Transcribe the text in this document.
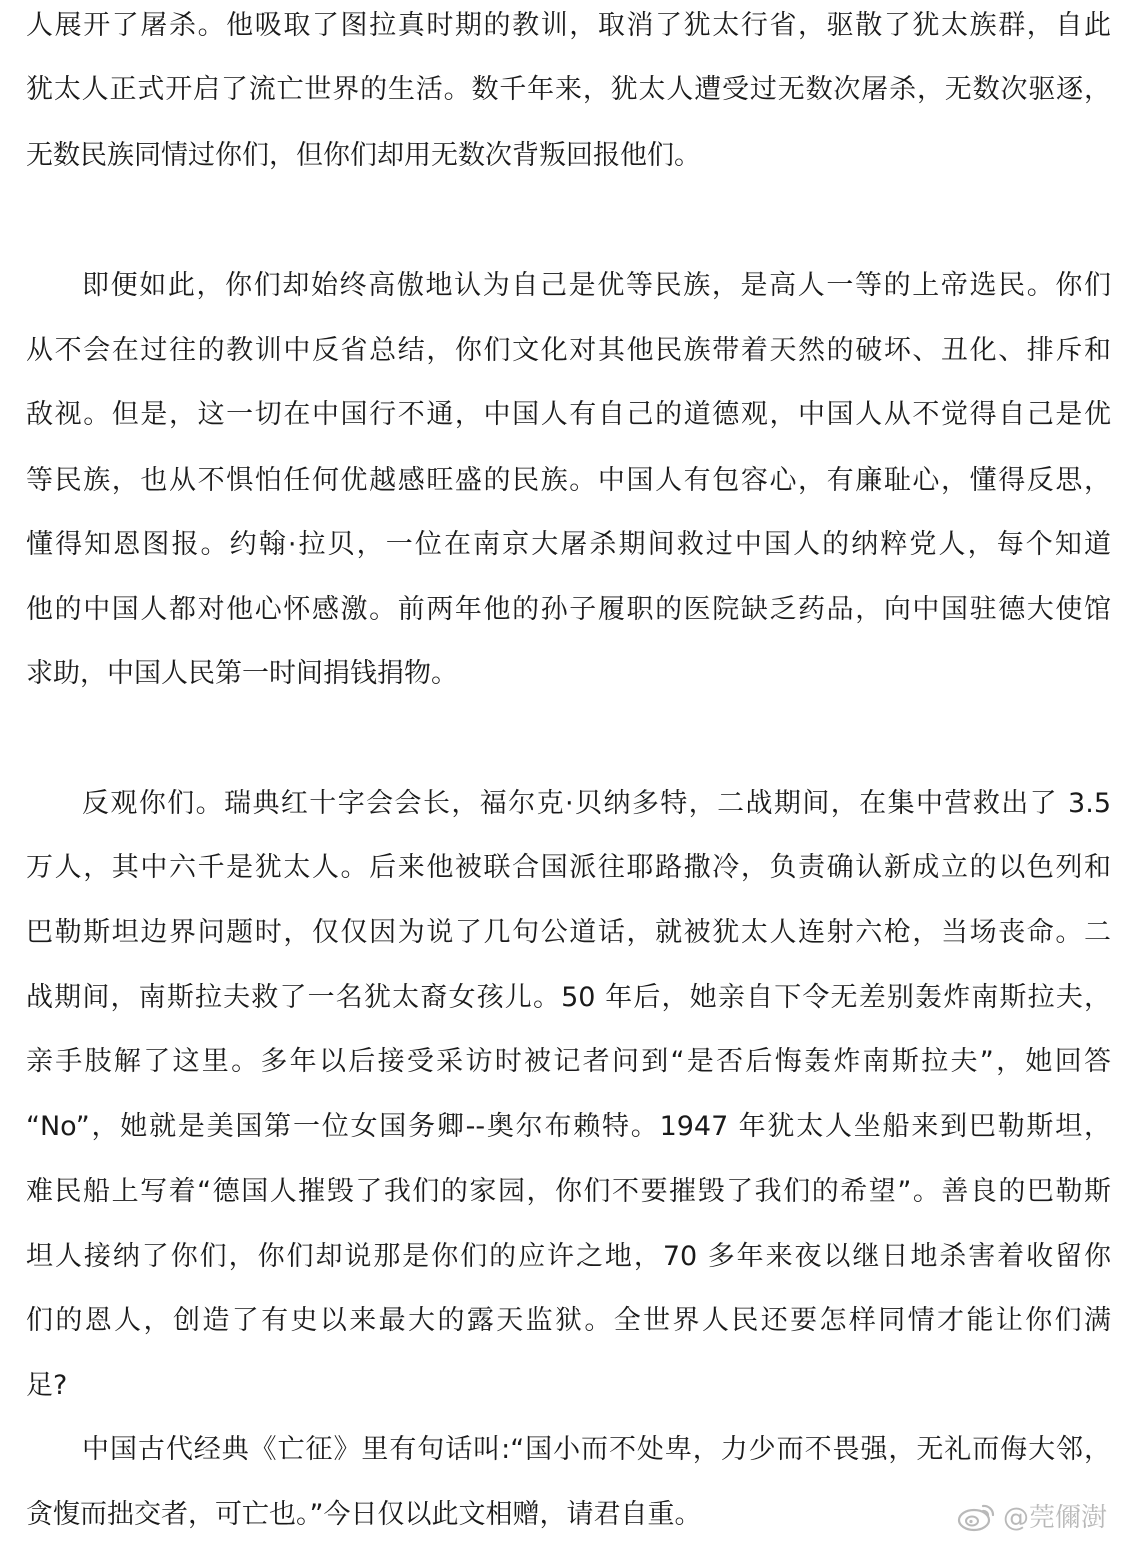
人展开了屠杀。他吸取了图拉真时期的教训，取消了犹太行省，驱散了犹太族群，自此
犹太人正式开启了流亡世界的生活。数千年来，犹太人遭受过无数次屠杀，无数次驱逐，
无数民族同情过你们，但你们却用无数次背叛回报他们。
即便如此，你们却始终高傲地认为自己是优等民族，是高人一等的上帝选民。你们
从不会在过往的教训中反省总结，你们文化对其他民族带着天然的破坏、丑化、排斥和
敌视。但是，这一切在中国行不通，中国人有自己的道德观，中国人从不觉得自己是优
等民族，也从不惧怕任何优越感旺盛的民族。中国人有包容心，有廉耻心，懂得反思，
懂得知恩图报。约翰·拉贝，一位在南京大屠杀期间救过中国人的纳粹党人，每个知道
他的中国人都对他心怀感激。前两年他的孙子履职的医院缺乏药品，向中国驻德大使馆
求助，中国人民第一时间捐钱捐物。
反观你们。瑞典红十字会会长，福尔克·贝纳多特，二战期间，在集中营救出了 3.5
万人，其中六千是犹太人。后来他被联合国派往耶路撒冷，负责确认新成立的以色列和
巴勒斯坦边界问题时，仅仅因为说了几句公道话，就被犹太人连射六枪，当场丧命。二
战期间，南斯拉夫救了一名犹太裔女孩儿。50 年后，她亲自下令无差别轰炸南斯拉夫，
亲手肢解了这里。多年以后接受采访时被记者问到“是否后悔轰炸南斯拉夫”，她回答
“No”，她就是美国第一位女国务卿--奥尔布赖特。1947 年犹太人坐船来到巴勒斯坦，
难民船上写着“德国人摧毁了我们的家园，你们不要摧毁了我们的希望”。善良的巴勒斯
坦人接纳了你们，你们却说那是你们的应许之地，70 多年来夜以继日地杀害着收留你
们的恩人，创造了有史以来最大的露天监狱。全世界人民还要怎样同情才能让你们满
足?
中国古代经典《亡征》里有句话叫:“国小而不处卑，力少而不畏强，无礼而侮大邻，
贪愎而拙交者，可亡也。”今日仅以此文相赠，请君自重。	@莞儞澍
